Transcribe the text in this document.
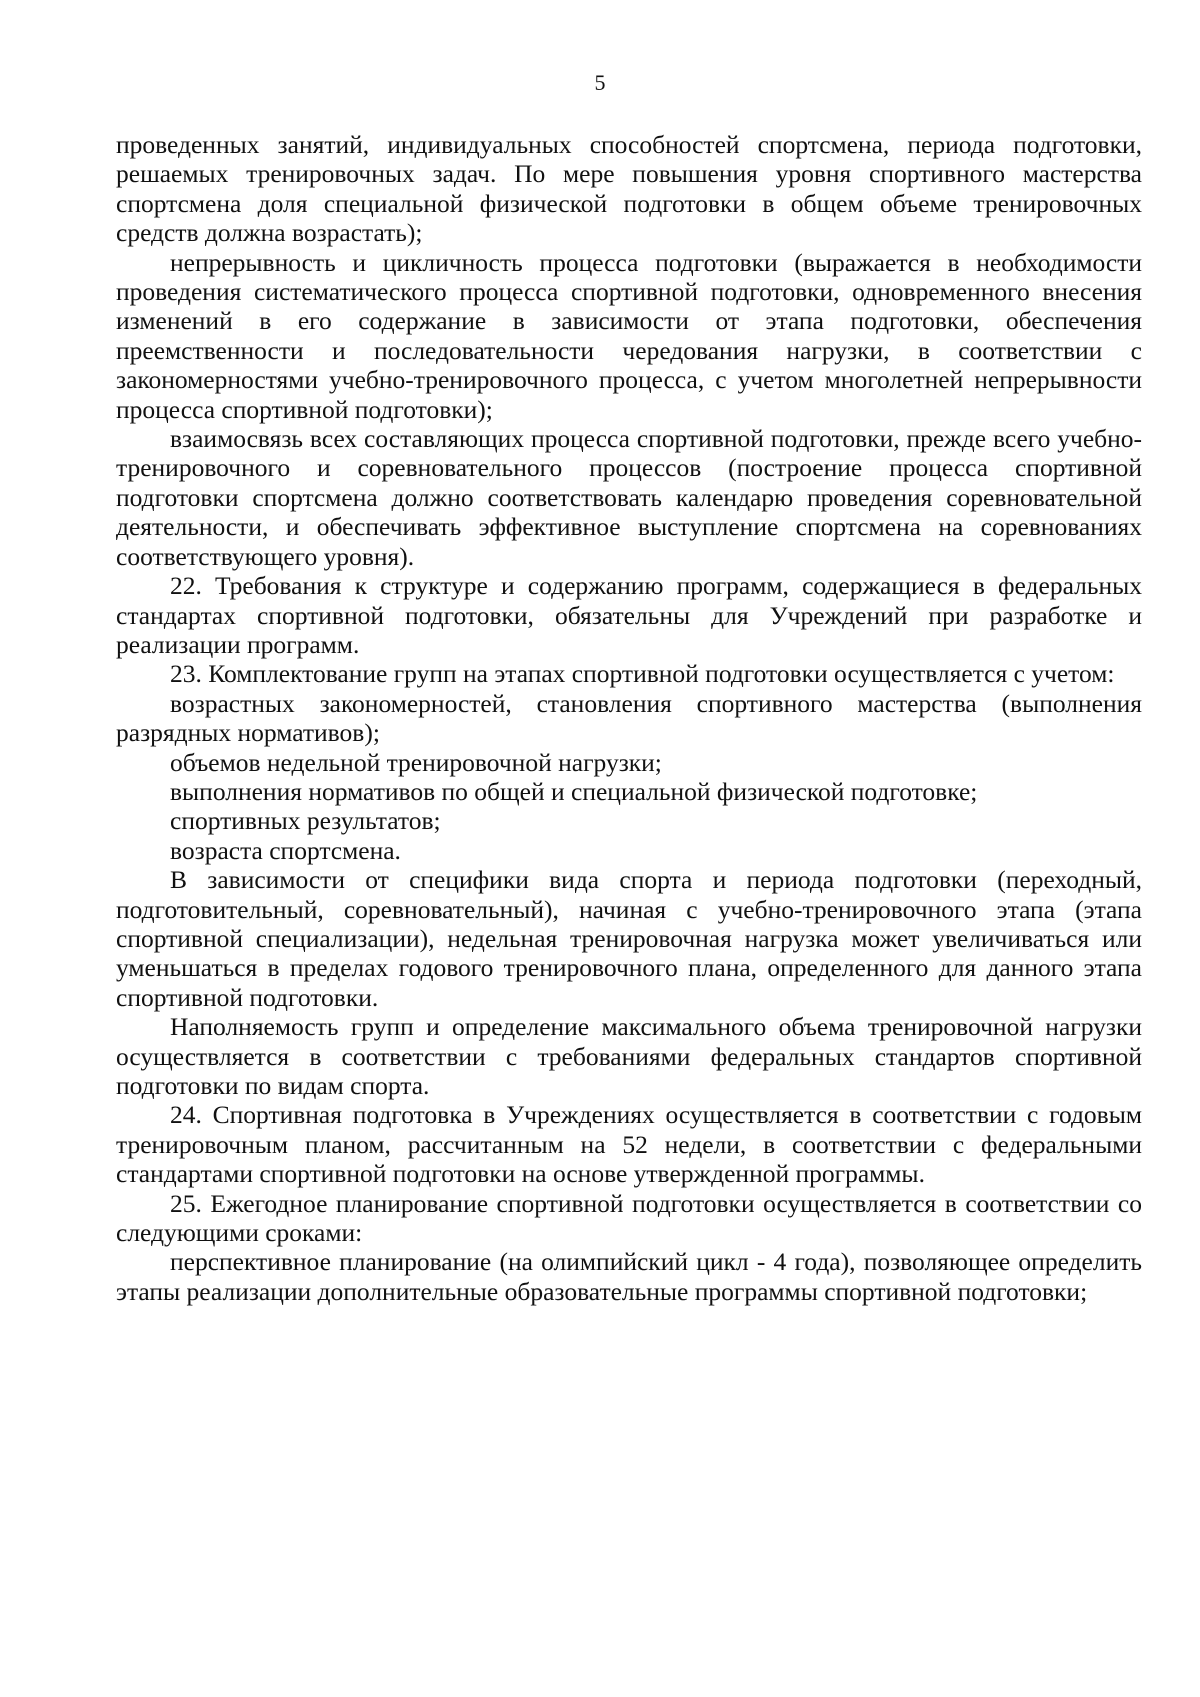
5

проведенных занятий, индивидуальных способностей спортсмена, периода подготовки, решаемых тренировочных задач. По мере повышения уровня спортивного мастерства спортсмена доля специальной физической подготовки в общем объеме тренировочных средств должна возрастать);

непрерывность и цикличность процесса подготовки (выражается в необходимости проведения систематического процесса спортивной подготовки, одновременного внесения изменений в его содержание в зависимости от этапа подготовки, обеспечения преемственности и последовательности чередования нагрузки, в соответствии с закономерностями учебно-тренировочного процесса, с учетом многолетней непрерывности процесса спортивной подготовки);

взаимосвязь всех составляющих процесса спортивной подготовки, прежде всего учебно-тренировочного и соревновательного процессов (построение процесса спортивной подготовки спортсмена должно соответствовать календарю проведения соревновательной деятельности, и обеспечивать эффективное выступление спортсмена на соревнованиях соответствующего уровня).

22. Требования к структуре и содержанию программ, содержащиеся в федеральных стандартах спортивной подготовки, обязательны для Учреждений при разработке и реализации программ.

23. Комплектование групп на этапах спортивной подготовки осуществляется с учетом:

возрастных закономерностей, становления спортивного мастерства (выполнения разрядных нормативов);

объемов недельной тренировочной нагрузки;

выполнения нормативов по общей и специальной физической подготовке;

спортивных результатов;

возраста спортсмена.

В зависимости от специфики вида спорта и периода подготовки (переходный, подготовительный, соревновательный), начиная с учебно-тренировочного этапа (этапа спортивной специализации), недельная тренировочная нагрузка может увеличиваться или уменьшаться в пределах годового тренировочного плана, определенного для данного этапа спортивной подготовки.

Наполняемость групп и определение максимального объема тренировочной нагрузки осуществляется в соответствии с требованиями федеральных стандартов спортивной подготовки по видам спорта.

24. Спортивная подготовка в Учреждениях осуществляется в соответствии с годовым тренировочным планом, рассчитанным на 52 недели, в соответствии с федеральными стандартами спортивной подготовки на основе утвержденной программы.

25. Ежегодное планирование спортивной подготовки осуществляется в соответствии со следующими сроками:

перспективное планирование (на олимпийский цикл - 4 года), позволяющее определить этапы реализации дополнительные образовательные программы спортивной подготовки;
